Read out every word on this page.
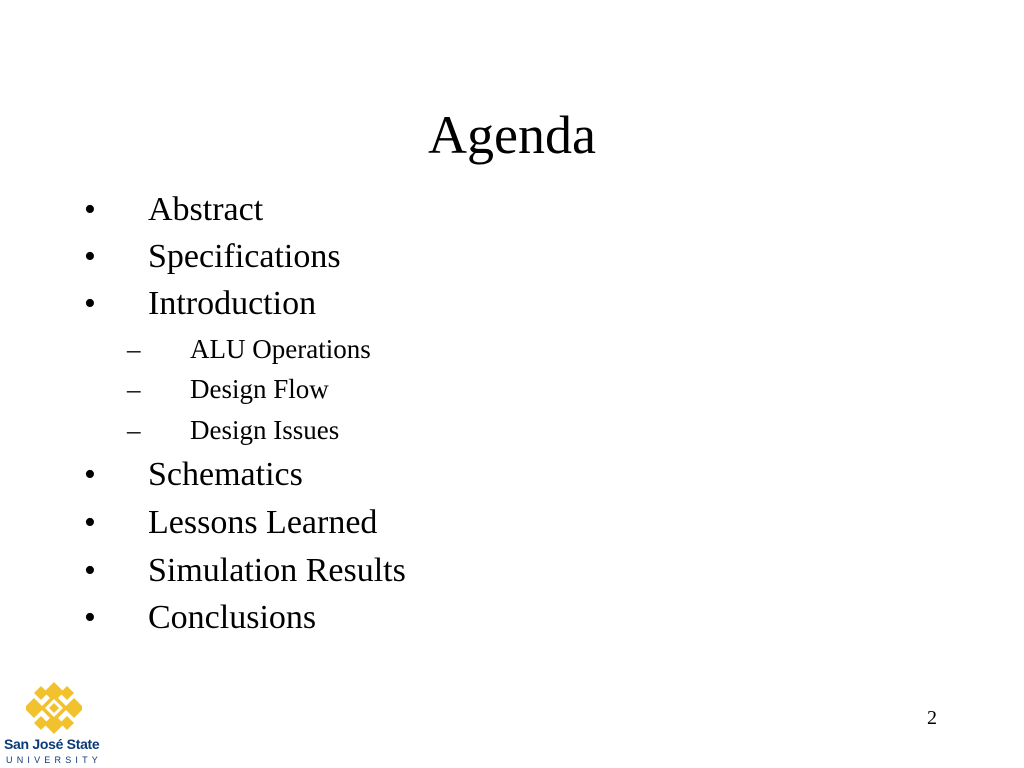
Agenda
• Abstract
• Specifications
• Introduction
– ALU Operations
– Design Flow
– Design Issues
• Schematics
• Lessons Learned
• Simulation Results
• Conclusions
2
San José State
UNIVERSITY
